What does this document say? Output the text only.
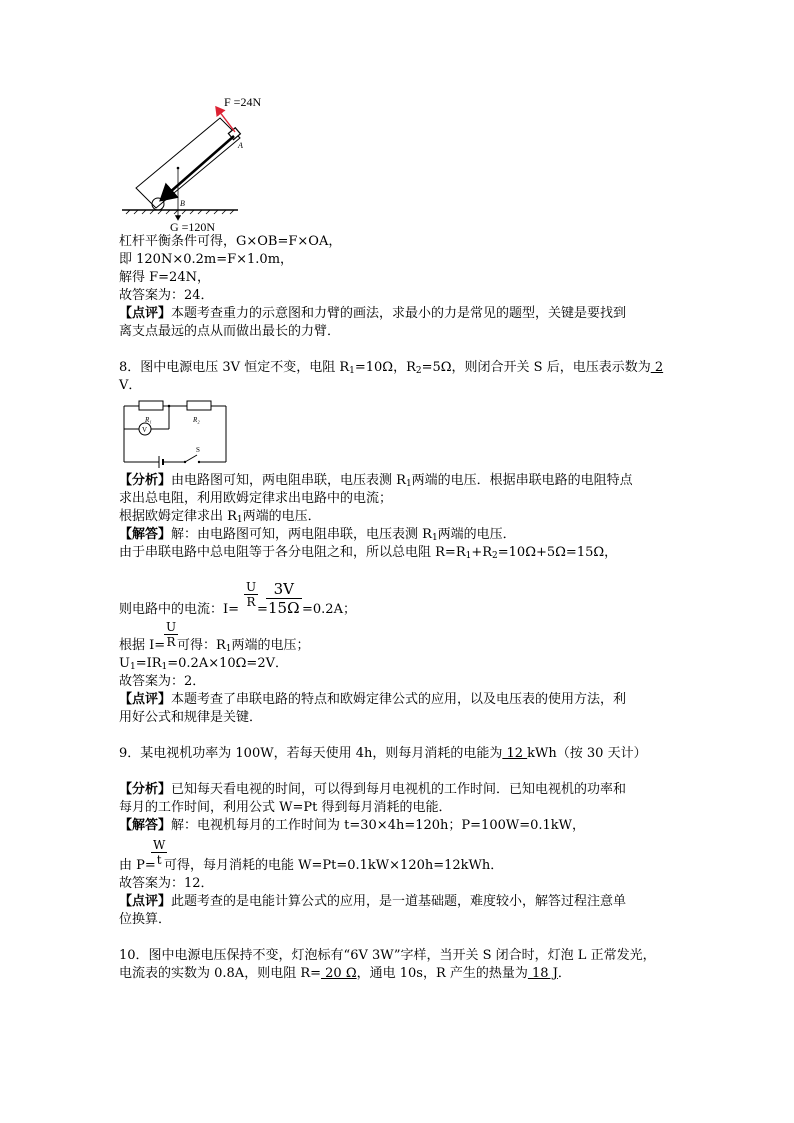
F =24N
A
B
G =120N
杠杆平衡条件可得，G×OB=F×OA，
即 120N×0.2m=F×1.0m，
解得 F=24N，
故答案为：24．
【点评】本题考查重力的示意图和力臂的画法，求最小的力是常见的题型，关键是要找到
离支点最远的点从而做出最长的力臂．
8．图中电源电压 3V 恒定不变，电阻 $R_1=10\Omega$，$R_2=5\Omega$，则闭合开关 S 后，电压表示数为 2
V．
R₁	R₂
V
S
【分析】由电路图可知，两电阻串联，电压表测 $R_1$两端的电压．根据串联电路的电阻特点
求出总电阻，利用欧姆定律求出电路中的电流；
根据欧姆定律求出 $R_1$两端的电压．
【解答】解：由电路图可知，两电阻串联，电压表测 $R_1$两端的电压．
由于串联电路中总电阻等于各分电阻之和，所以总电阻 $R=R_1+R_2=10\Omega+5\Omega=15\Omega$，
则电路中的电流：I=
$\frac{U}{R}$
=
$\frac{3V}{15\Omega} =0.2A$；
根据 I=
$\frac{U}{R}$
可得：$R_1$两端的电压；
$U_1=IR_1=0.2A\times 10\Omega=2V$．
故答案为：2．
【点评】本题考查了串联电路的特点和欧姆定律公式的应用，以及电压表的使用方法，利
用好公式和规律是关键．
9．某电视机功率为 100W，若每天使用 4h，则每月消耗的电能为 12 kWh（按 30 天计）
【分析】已知每天看电视的时间，可以得到每月电视机的工作时间．已知电视机的功率和
每月的工作时间，利用公式 W=Pt 得到每月消耗的电能．
【解答】解：电视机每月的工作时间为 t=30×4h=120h；P=100W=0.1kW，
由 P=
$\frac{W}{t}$
可得，每月消耗的电能 W=Pt=0.1kW×120h=12kWh．
故答案为：12．
【点评】此题考查的是电能计算公式的应用，是一道基础题，难度较小，解答过程注意单
位换算．
10．图中电源电压保持不变，灯泡标有“6V 3W”字样，当开关 S 闭合时，灯泡 L 正常发光，
电流表的实数为 0.8A，则电阻 R= 20 Ω，通电 10s，R 产生的热量为 18 J．
